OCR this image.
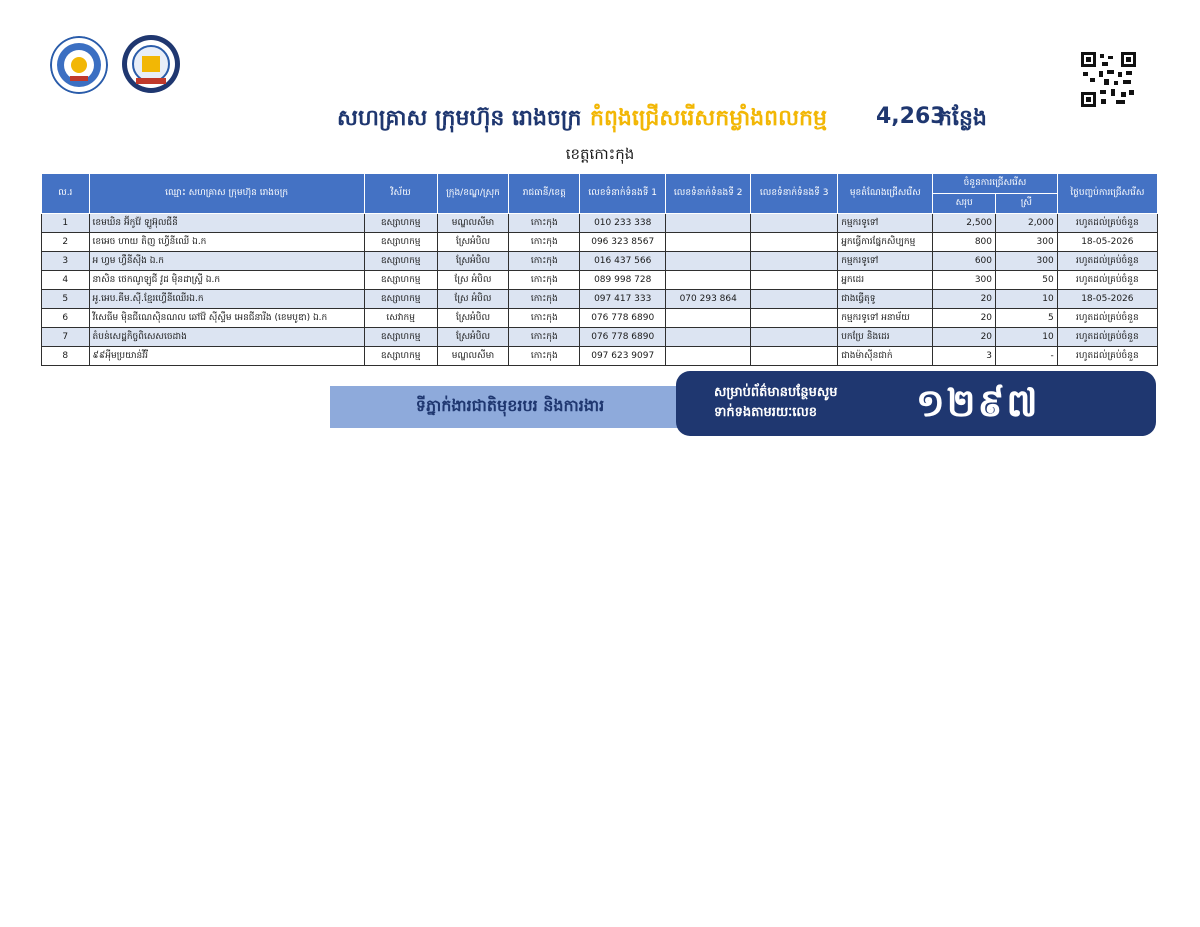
សហគ្រាស ក្រុមហ៊ុន រោងចក្រ កំពុងជ្រើសរើសកម្លាំងពលកម្ម 4,263
កន្លែង
ខេត្តកោះកុង
ល.រ	ឈ្មោះ សហគ្រាស ក្រុមហ៊ុន រោងចក្រ	វិស័យ	ក្រុង/ខណ្ឌ/ស្រុក	រាជធានី/ខេត្ត	លេខទំនាក់ទំនងទី 1	លេខទំនាក់ទំនងទី 2	លេខទំនាក់ទំនងទី 3	មុខតំណែងជ្រើសរើស	ចំនួនការជ្រើសរើស		ថ្ងៃបញ្ចប់ការជ្រើសរើស
									សរុប	ស្រី	
1	ខេមឃិន អ៊ីកូវ៉ែ ឡូអ៊ុលជីនី	ឧស្សាហកម្ម	មណ្ឌលសីមា	កោះកុង	010 233 338			កម្មករទូទៅ	2,500	2,000	រហូតដល់គ្រប់ចំនួន
2	ខេអេច ហាយ តិញ ហ្វើនីឈើ ឯ.ក	ឧស្សាហកម្ម	ស្រែអំបិល	កោះកុង	096 323 8567			អ្នកធ្វើការផ្នែកសិប្បកម្ម	800	300	18-05-2026
3	អ ហ្វម ហ្វឺនីស៊ីង ឯ.ក	ឧស្សាហកម្ម	ស្រែអំបិល	កោះកុង	016 437 566			កម្មករទូទៅ	600	300	រហូតដល់គ្រប់ចំនួន
4	នាសិន ថេកណូឡូជី វូដ ម៉ិនដាស្ទ្រី ឯ.ក	ឧស្សាហកម្ម	ស្រែ អំបិល	កោះកុង	089 998 728			អ្នកដេរ	300	50	រហូតដល់គ្រប់ចំនួន
5	អូ.អេប.គីម.ស៊ី.ខ្មែរហ្វើនីឈើរឯ.ក	ឧស្សាហកម្ម	ស្រែ អំបិល	កោះកុង	097 417 333	070 293 864		ជាងធ្វើតុទូ	20	10	18-05-2026
6	វីសេធីម ម៉ិនជីណេស៊ិនណល ឆៅវ៉ែ ស៊ីស្ទឹម អេនជីនារីង (ខេមបូឌា) ឯ.ក	សេវាកម្ម	ស្រែអំបិល	កោះកុង	076 778 6890			កម្មករទូទៅ អនាម័យ	20	5	រហូតដល់គ្រប់ចំនួន
7	តំបន់សេដ្ឋកិច្ចពិសេសចេដាង	ឧស្សាហកម្ម	ស្រែអំបិល	កោះកុង	076 778 6890			បកប្រែ និងដេរ	20	10	រហូតដល់គ្រប់ចំនួន
8	៩៩អុីមប្រយាន់វីរី	ឧស្សាហកម្ម	មណ្ឌលសីមា	កោះកុង	097 623 9097			ជាងម៉ាស៊ីនជាក់	3	-	រហូតដល់គ្រប់ចំនួន
ទីភ្នាក់ងារជាតិមុខរបរ និងការងារ
សម្រាប់ព័ត៌មានបន្ថែមសូម
ទាក់ទងតាមរយៈលេខ	១២៩៧
